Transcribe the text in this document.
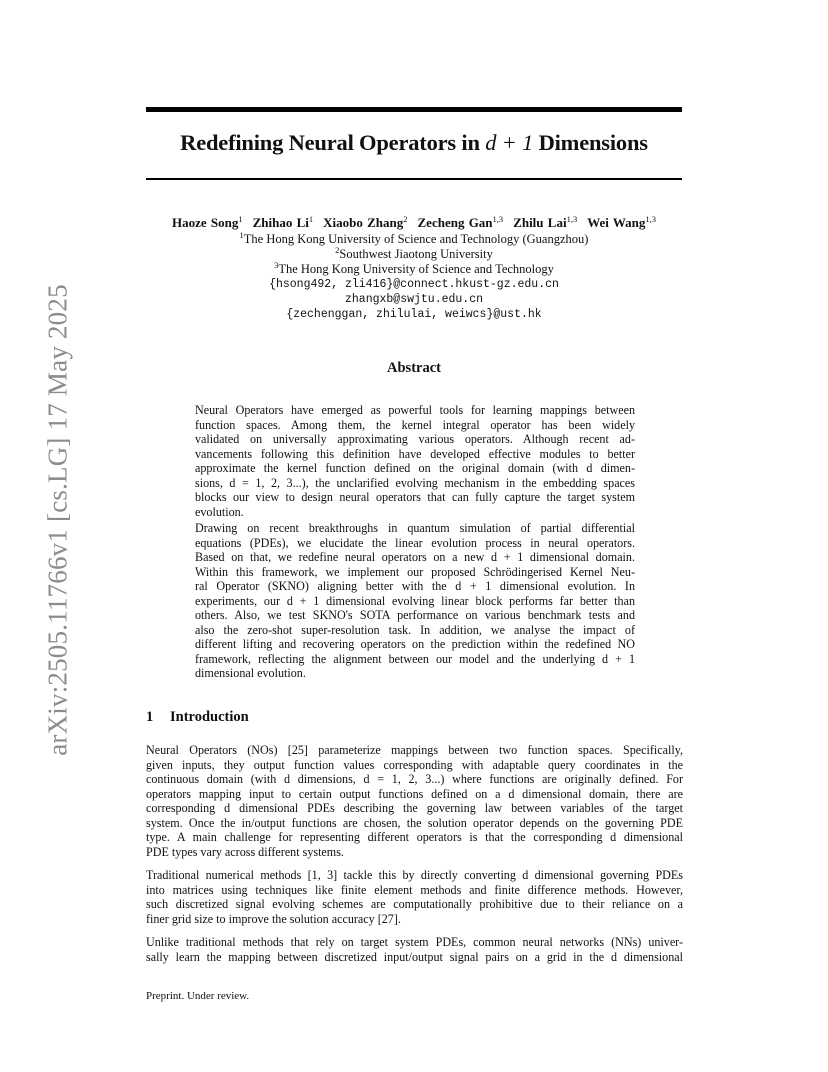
arXiv:2505.11766v1 [cs.LG] 17 May 2025
Redefining Neural Operators in d + 1 Dimensions
Haoze Song$^1$ Zhihao Li$^1$ Xiaobo Zhang$^2$ Zecheng Gan$^{1,3}$ Zhilu Lai$^{1,3}$ Wei Wang$^{1,3}$
$^1$The Hong Kong University of Science and Technology (Guangzhou)
$^2$Southwest Jiaotong University
$^3$The Hong Kong University of Science and Technology
{hsong492, zli416}@connect.hkust-gz.edu.cn
zhangxb@swjtu.edu.cn
{zechenggan, zhilulai, weiwcs}@ust.hk
Abstract
Neural Operators have emerged as powerful tools for learning mappings between
function spaces. Among them, the kernel integral operator has been widely
validated on universally approximating various operators. Although recent ad-
vancements following this definition have developed effective modules to better
approximate the kernel function defined on the original domain (with d dimen-
sions, d = 1, 2, 3...), the unclarified evolving mechanism in the embedding spaces
blocks our view to design neural operators that can fully capture the target system
evolution.
Drawing on recent breakthroughs in quantum simulation of partial differential
equations (PDEs), we elucidate the linear evolution process in neural operators.
Based on that, we redefine neural operators on a new d + 1 dimensional domain.
Within this framework, we implement our proposed Schrödingerised Kernel Neu-
ral Operator (SKNO) aligning better with the d + 1 dimensional evolution. In
experiments, our d + 1 dimensional evolving linear block performs far better than
others. Also, we test SKNO's SOTA performance on various benchmark tests and
also the zero-shot super-resolution task. In addition, we analyse the impact of
different lifting and recovering operators on the prediction within the redefined NO
framework, reflecting the alignment between our model and the underlying d + 1
dimensional evolution.
1 Introduction
Neural Operators (NOs) [25] parameterize mappings between two function spaces. Specifically,
given inputs, they output function values corresponding with adaptable query coordinates in the
continuous domain (with d dimensions, d = 1, 2, 3...) where functions are originally defined. For
operators mapping input to certain output functions defined on a d dimensional domain, there are
corresponding d dimensional PDEs describing the governing law between variables of the target
system. Once the in/output functions are chosen, the solution operator depends on the governing PDE
type. A main challenge for representing different operators is that the corresponding d dimensional
PDE types vary across different systems.
Traditional numerical methods [1, 3] tackle this by directly converting d dimensional governing PDEs
into matrices using techniques like finite element methods and finite difference methods. However,
such discretized signal evolving schemes are computationally prohibitive due to their reliance on a
finer grid size to improve the solution accuracy [27].
Unlike traditional methods that rely on target system PDEs, common neural networks (NNs) univer-
sally learn the mapping between discretized input/output signal pairs on a grid in the d dimensional
Preprint. Under review.
